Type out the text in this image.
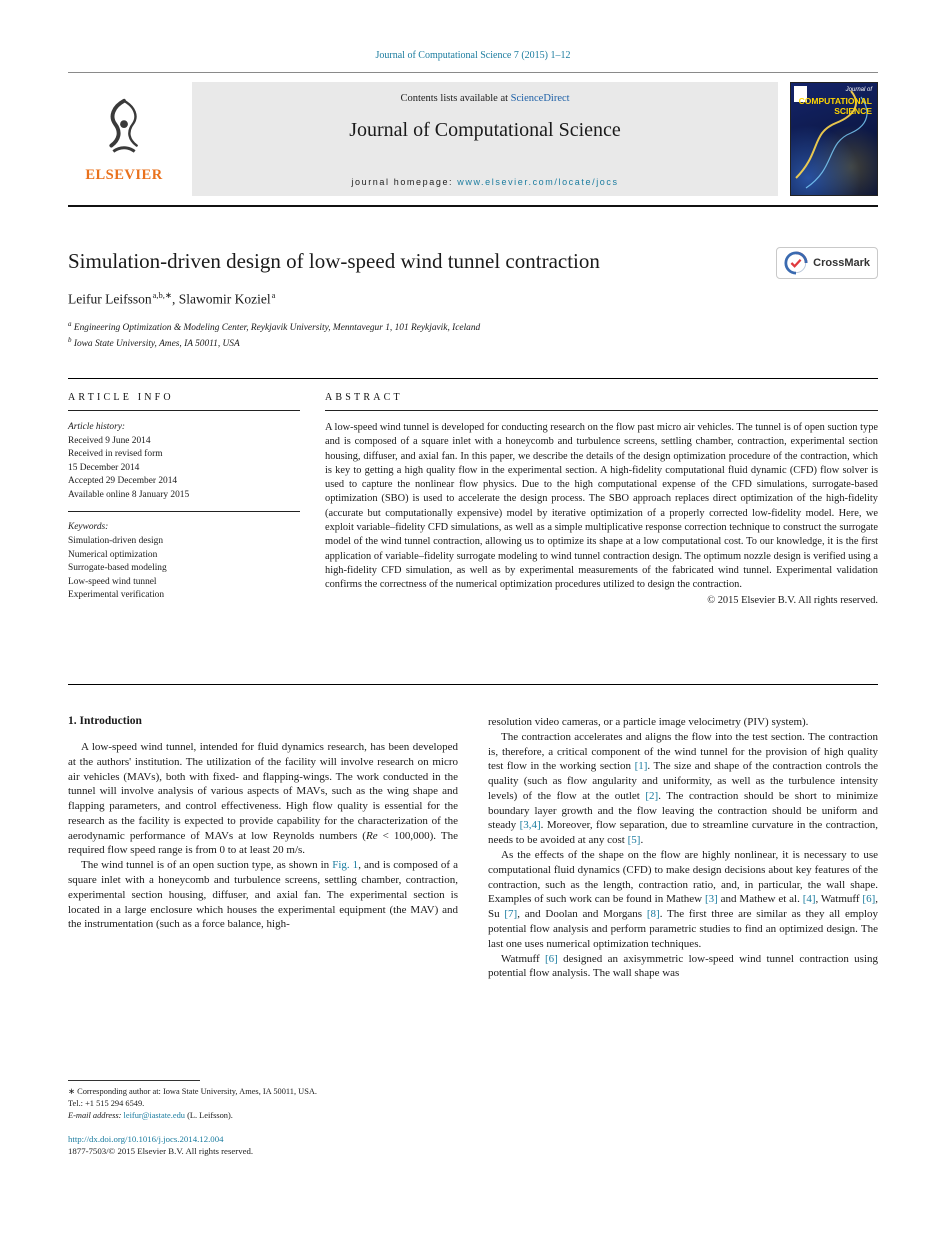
Journal of Computational Science 7 (2015) 1–12
ELSEVIER
Contents lists available at ScienceDirect
Journal of Computational Science
journal homepage: www.elsevier.com/locate/jocs
Journal of
COMPUTATIONAL
SCIENCE
Simulation-driven design of low-speed wind tunnel contraction	CrossMark
Leifur Leifsson$^{a,b,∗}$, Slawomir Koziel$^a$
$^a$ Engineering Optimization & Modeling Center, Reykjavik University, Menntavegur 1, 101 Reykjavik, Iceland
$^b$ Iowa State University, Ames, IA 50011, USA
ARTICLE INFO
Article history:
Received 9 June 2014
Received in revised form
15 December 2014
Accepted 29 December 2014
Available online 8 January 2015
Keywords:
Simulation-driven design
Numerical optimization
Surrogate-based modeling
Low-speed wind tunnel
Experimental verification
ABSTRACT

A low-speed wind tunnel is developed for conducting research on the flow past micro air vehicles. The tunnel is of open suction type and is composed of a square inlet with a honeycomb and turbulence screens, settling chamber, contraction, experimental section housing, diffuser, and axial fan. In this paper, we describe the details of the design optimization procedure of the contraction, which is key to getting a high quality flow in the experimental section. A high-fidelity computational fluid dynamic (CFD) flow solver is used to capture the nonlinear flow physics. Due to the high computational expense of the CFD simulations, surrogate-based optimization (SBO) is used to accelerate the design process. The SBO approach replaces direct optimization of the high-fidelity (accurate but computationally expensive) model by iterative optimization of a properly corrected low-fidelity model. Here, we exploit variable–fidelity CFD simulations, as well as a simple multiplicative response correction technique to construct the surrogate model of the wind tunnel contraction, allowing us to optimize its shape at a low computational cost. To our knowledge, it is the first application of variable–fidelity surrogate modeling to wind tunnel contraction design. The optimum nozzle design is verified using a high-fidelity CFD simulation, as well as by experimental measurements of the fabricated wind tunnel. Experimental validation confirms the correctness of the numerical optimization procedures utilized to design the contraction.

© 2015 Elsevier B.V. All rights reserved.
1. Introduction

A low-speed wind tunnel, intended for fluid dynamics research, has been developed at the authors' institution. The utilization of the facility will involve research on micro air vehicles (MAVs), both with fixed- and flapping-wings. The work conducted in the tunnel will involve analysis of various aspects of MAVs, such as the wing shape and flapping parameters, and control effectiveness. High flow quality is essential for the research as the facility is expected to provide capability for the characterization of the aerodynamic performance of MAVs at low Reynolds numbers (Re < 100,000). The required flow speed range is from 0 to at least 20 m/s.

The wind tunnel is of an open suction type, as shown in Fig. 1, and is composed of a square inlet with a honeycomb and turbulence screens, settling chamber, contraction, experimental section housing, diffuser, and axial fan. The experimental section is located in a large enclosure which houses the experimental equipment (the MAV) and the instrumentation (such as a force balance, high-

resolution video cameras, or a particle image velocimetry (PIV) system).

The contraction accelerates and aligns the flow into the test section. The contraction is, therefore, a critical component of the wind tunnel for the provision of high quality test flow in the working section [1]. The size and shape of the contraction controls the quality (such as flow angularity and uniformity, as well as the turbulence intensity levels) of the flow at the outlet [2]. The contraction should be short to minimize boundary layer growth and the flow leaving the contraction should be uniform and steady [3,4]. Moreover, flow separation, due to streamline curvature in the contraction, needs to be avoided at any cost [5].

As the effects of the shape on the flow are highly nonlinear, it is necessary to use computational fluid dynamics (CFD) to make design decisions about key features of the contraction, such as the length, contraction ratio, and, in particular, the wall shape. Examples of such work can be found in Mathew [3] and Mathew et al. [4], Watmuff [6], Su [7], and Doolan and Morgans [8]. The first three are similar as they all employ potential flow analysis and perform parametric studies to find an optimized design. The last one uses numerical optimization techniques.

Watmuff [6] designed an axisymmetric low-speed wind tunnel contraction using potential flow analysis. The wall shape was

∗ Corresponding author at: Iowa State University, Ames, IA 50011, USA.
Tel.: +1 515 294 6549.
E-mail address: leifur@iastate.edu (L. Leifsson).
http://dx.doi.org/10.1016/j.jocs.2014.12.004
1877-7503/© 2015 Elsevier B.V. All rights reserved.
